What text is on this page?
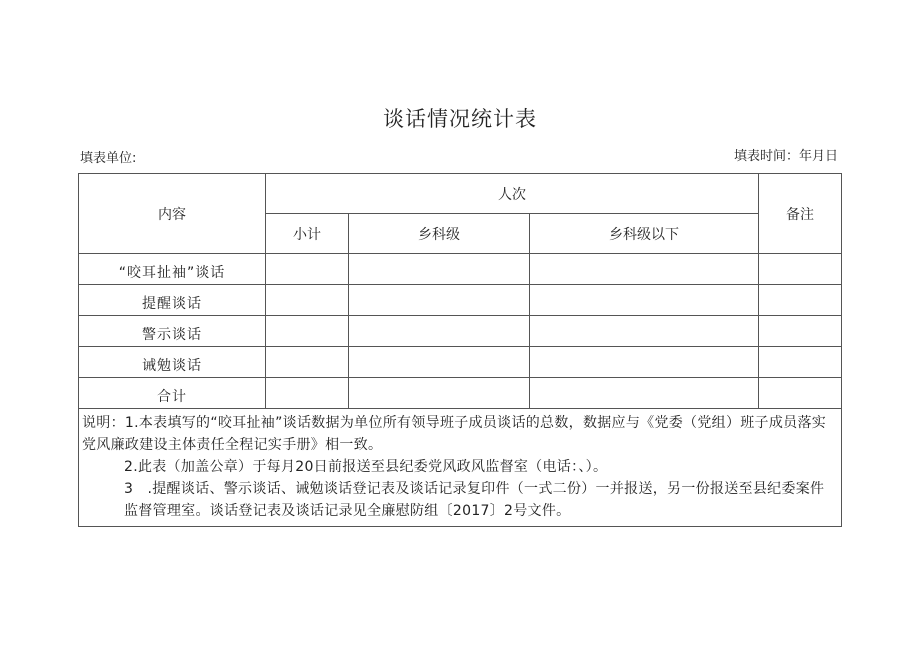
谈话情况统计表
填表单位:	填表时间：年月日
内容	人次			备注
	小计	乡科级	乡科级以下	
“咬耳扯袖”谈话				
提醒谈话				
警示谈话				
诫勉谈话				
合计				

说明：1.本表填写的“咬耳扯袖”谈话数据为单位所有领导班子成员谈话的总数，数据应与《党委（党组）班子成员落实党风廉政建设主体责任全程记实手册》相一致。
2.此表（加盖公章）于每月20日前报送至县纪委党风政风监督室（电话：、）。
3　.提醒谈话、警示谈话、诫勉谈话登记表及谈话记录复印件（一式二份）一并报送，另一份报送至县纪委案件监督管理室。谈话登记表及谈话记录见全廉慰防组〔2017〕2号文件。				
